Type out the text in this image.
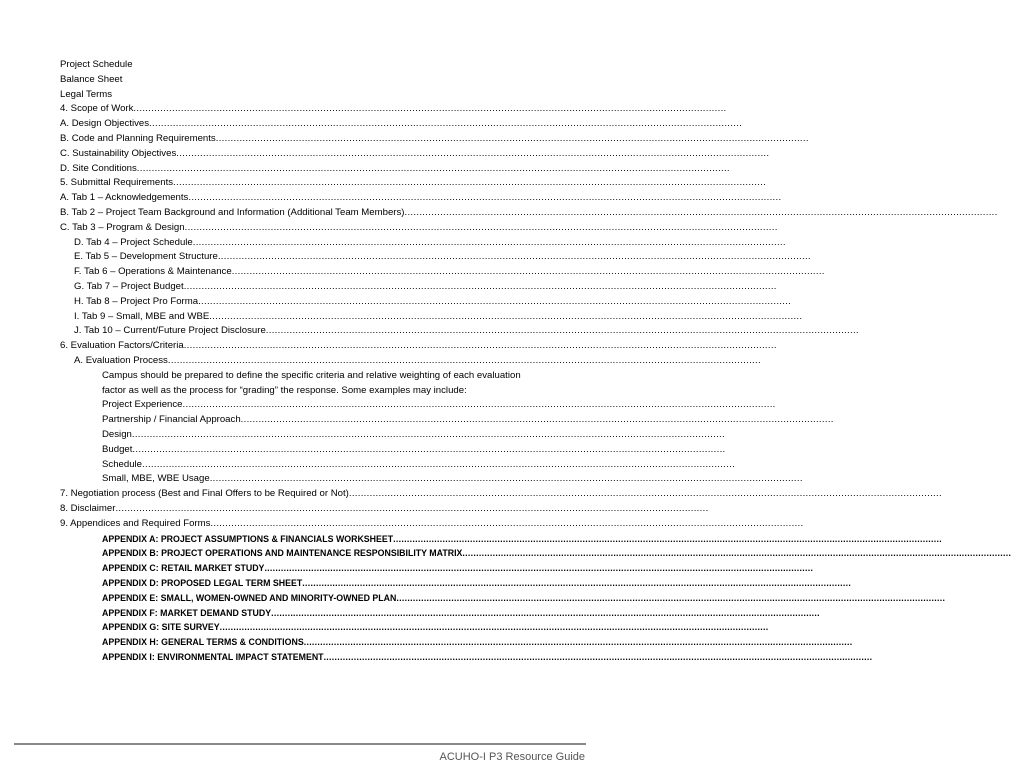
Project Schedule
Balance Sheet
Legal Terms
4. Scope of Work........................................................................................................................................................................................................
A. Design Objectives........................................................................................................................................................................................................
B. Code and Planning Requirements........................................................................................................................................................................................................
C. Sustainability Objectives........................................................................................................................................................................................................
D. Site Conditions........................................................................................................................................................................................................
5. Submittal Requirements........................................................................................................................................................................................................
A. Tab 1 – Acknowledgements........................................................................................................................................................................................................
B. Tab 2 – Project Team Background and Information (Additional Team Members)........................................................................................................................................................................................................
C. Tab 3 – Program & Design........................................................................................................................................................................................................
D. Tab 4 – Project Schedule........................................................................................................................................................................................................
E. Tab 5 – Development Structure........................................................................................................................................................................................................
F. Tab 6 – Operations & Maintenance........................................................................................................................................................................................................
G. Tab 7 – Project Budget........................................................................................................................................................................................................
H. Tab 8 – Project Pro Forma........................................................................................................................................................................................................
I. Tab 9 – Small, MBE and WBE........................................................................................................................................................................................................
J. Tab 10 – Current/Future Project Disclosure........................................................................................................................................................................................................
6. Evaluation Factors/Criteria........................................................................................................................................................................................................
A. Evaluation Process........................................................................................................................................................................................................
Campus should be prepared to define the specific criteria and relative weighting of each evaluation
factor as well as the process for “grading” the response. Some examples may include:
Project Experience........................................................................................................................................................................................................
Partnership / Financial Approach........................................................................................................................................................................................................
Design........................................................................................................................................................................................................
Budget........................................................................................................................................................................................................
Schedule........................................................................................................................................................................................................
Small, MBE, WBE Usage........................................................................................................................................................................................................
7. Negotiation process (Best and Final Offers to be Required or Not)........................................................................................................................................................................................................
8. Disclaimer........................................................................................................................................................................................................
9. Appendices and Required Forms........................................................................................................................................................................................................
APPENDIX A: PROJECT ASSUMPTIONS & FINANCIALS WORKSHEET........................................................................................................................................................................................................
APPENDIX B: PROJECT OPERATIONS AND MAINTENANCE RESPONSIBILITY MATRIX........................................................................................................................................................................................................
APPENDIX C: RETAIL MARKET STUDY........................................................................................................................................................................................................
APPENDIX D: PROPOSED LEGAL TERM SHEET........................................................................................................................................................................................................
APPENDIX E: SMALL, WOMEN-OWNED AND MINORITY-OWNED PLAN........................................................................................................................................................................................................
APPENDIX F: MARKET DEMAND STUDY........................................................................................................................................................................................................
APPENDIX G: SITE SURVEY........................................................................................................................................................................................................
APPENDIX H: GENERAL TERMS & CONDITIONS........................................................................................................................................................................................................
APPENDIX I: ENVIRONMENTAL IMPACT STATEMENT........................................................................................................................................................................................................
ACUHO-I P3 Resource Guide
